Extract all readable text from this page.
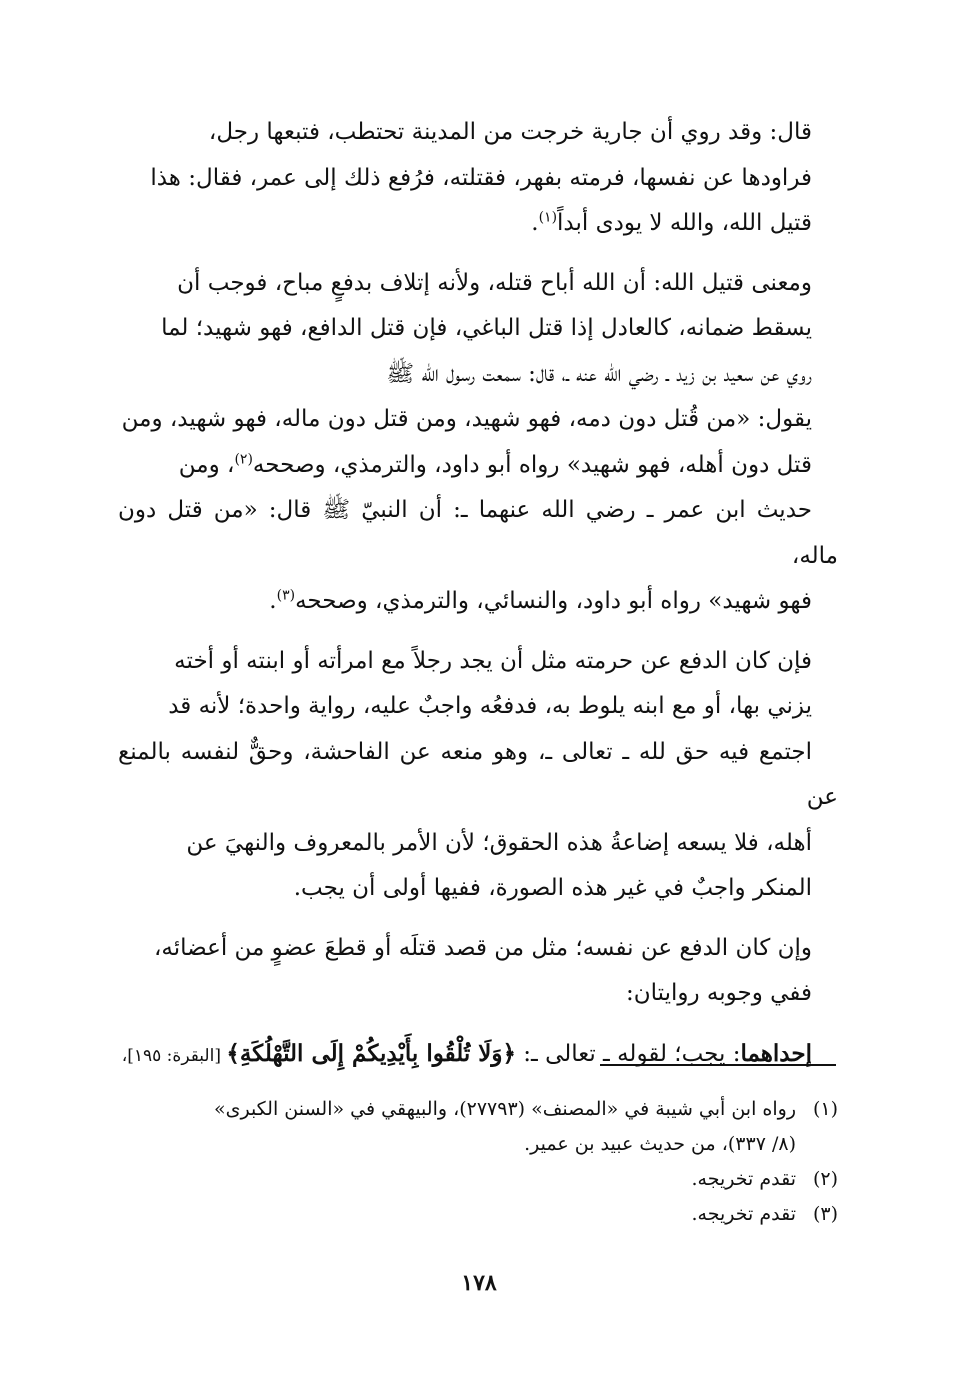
قال: وقد روي أن جارية خرجت من المدينة تحتطب، فتبعها رجل،
فراودها عن نفسها، فرمته بفهر، فقتلته، فرُفع ذلك إلى عمر، فقال: هذا
قتيل الله، والله لا يودى أبداً$^{(١)}$.

ومعنى قتيل الله: أن الله أباح قتله، ولأنه إتلاف بدفعٍ مباح، فوجب أن
يسقط ضمانه، كالعادل إذا قتل الباغي، فإن قتل الدافع، فهو شهيد؛ لما
روي عن سعيد بن زيد ـ رضي الله عنه ـ، قال: سمعت رسول الله ﷺ
يقول: «من قُتل دون دمه، فهو شهيد، ومن قتل دون ماله، فهو شهيد، ومن
قتل دون أهله، فهو شهيد» رواه أبو داود، والترمذي، وصححه$^{(٢)}$، ومن
حديث ابن عمر ـ رضي الله عنهما ـ: أن النبيّ ﷺ قال: «من قتل دون ماله،
فهو شهيد» رواه أبو داود، والنسائي، والترمذي، وصححه$^{(٣)}$.

فإن كان الدفع عن حرمته مثل أن يجد رجلاً مع امرأته أو ابنته أو أخته
يزني بها، أو مع ابنه يلوط به، فدفعُه واجبٌ عليه، رواية واحدة؛ لأنه قد
اجتمع فيه حق لله ـ تعالى ـ، وهو منعه عن الفاحشة، وحقٌّ لنفسه بالمنع عن
أهله، فلا يسعه إضاعةُ هذه الحقوق؛ لأن الأمر بالمعروف والنهيَ عن
المنكر واجبٌ في غير هذه الصورة، ففيها أولى أن يجب.

وإن كان الدفع عن نفسه؛ مثل من قصد قتلَه أو قطعَ عضوٍ من أعضائه،
ففي وجوبه روايتان:

إحداهما: يجب؛ لقوله ـ تعالى ـ: ﴿وَلَا تُلْقُوا بِأَيْدِيكُمْ إِلَى التَّهْلُكَةِ﴾ [البقرة: ١٩٥]،

(١)رواه ابن أبي شيبة في «المصنف» (٢٧٧٩٣)، والبيهقي في «السنن الكبرى»
(٨/ ٣٣٧)، من حديث عبيد بن عمير.
(٢)تقدم تخريجه.
(٣)تقدم تخريجه.
١٧٨
